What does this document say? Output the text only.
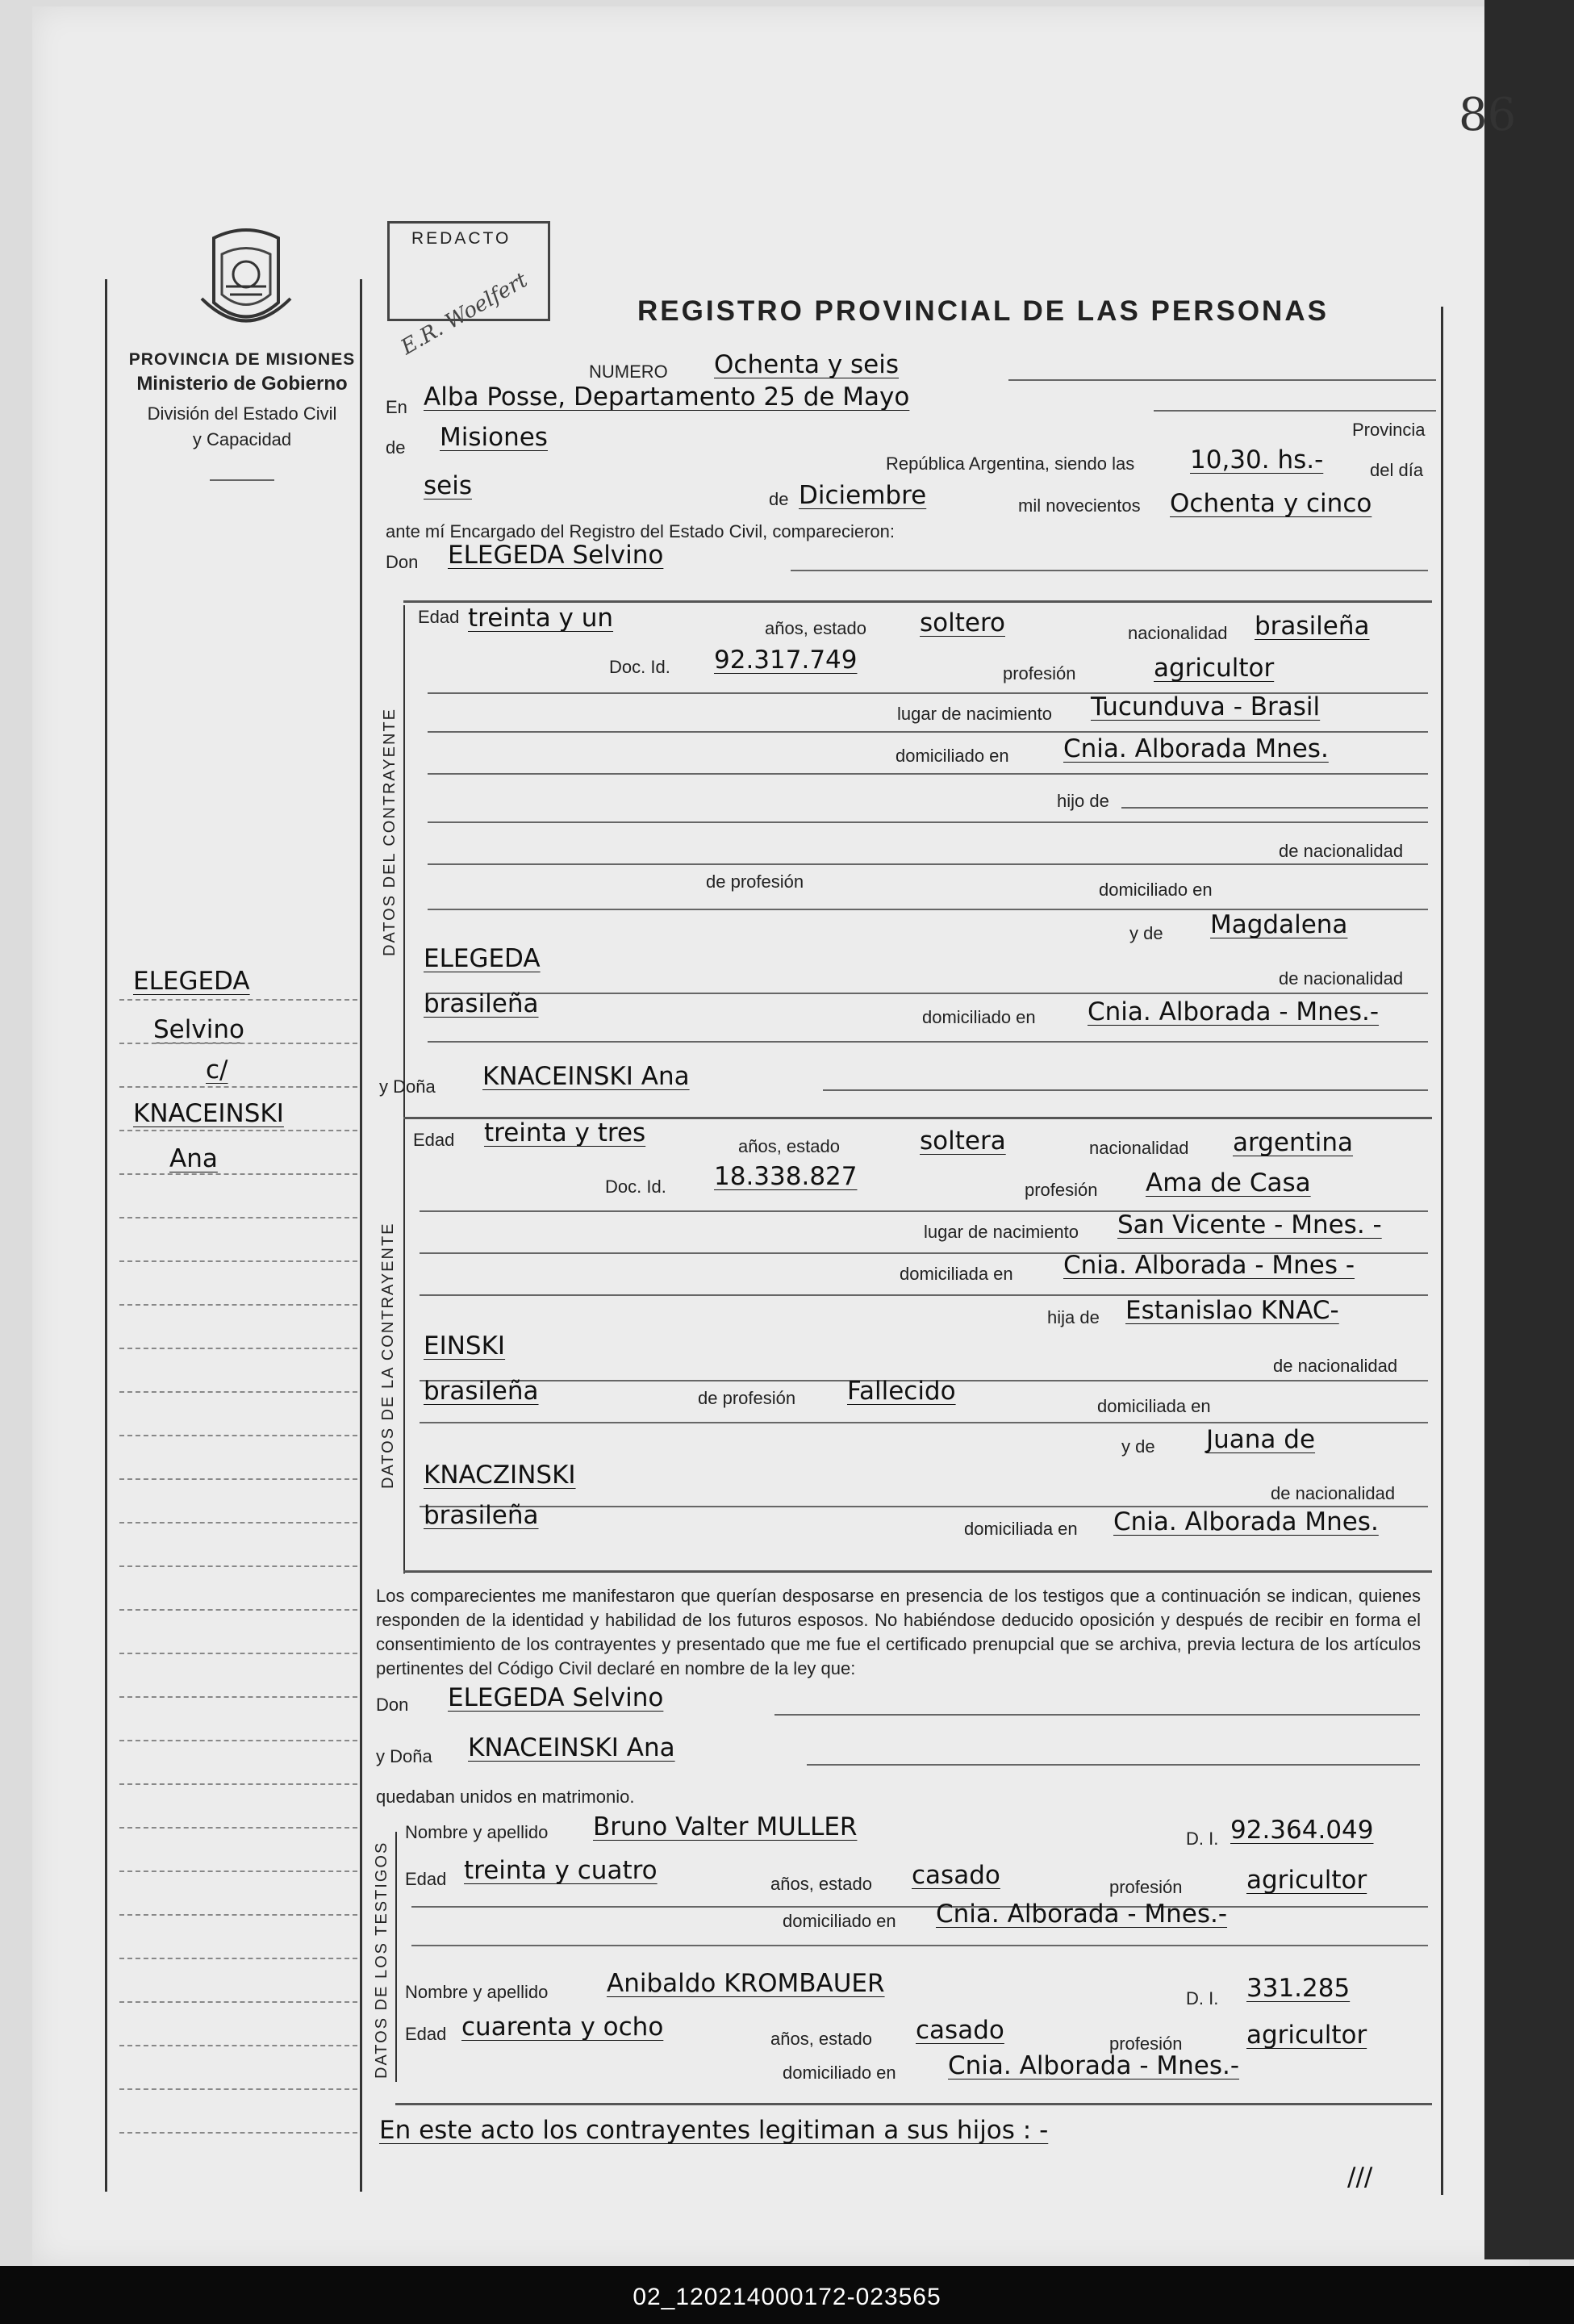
86
PROVINCIA DE MISIONES
Ministerio de Gobierno
División del Estado Civil
y Capacidad
REDACTO
E.R. Woelfert	REGISTRO PROVINCIAL DE LAS PERSONAS
ELEGEDA
Selvino
c/
KNACEINSKI
Ana
NUMERO Ochenta y seis
En Alba Posse, Departamento 25 de Mayo
de Misiones	Provincia
República Argentina, siendo las 10,30. hs.-	del día
seis	de Diciembre	mil novecientos Ochenta y cinco
ante mí Encargado del Registro del Estado Civil, comparecieron:
Don ELEGEDA Selvino
DATOS DEL CONTRAYENTE
Edad treinta y un	años, estado soltero	nacionalidad brasileña
Doc. Id. 92.317.749	profesión	agricultor
lugar de nacimiento Tucunduva - Brasil
domiciliado en Cnia. Alborada Mnes.
hijo de
de nacionalidad
de profesión	domiciliado en
y de Magdalena
ELEGEDA
de nacionalidad
brasileña	domiciliado en Cnia. Alborada - Mnes.-
y Doña KNACEINSKI Ana
DATOS DE LA CONTRAYENTE
Edad treinta y tres	años, estado	soltera	nacionalidad argentina
Doc. Id. 18.338.827	profesión Ama de Casa
lugar de nacimiento San Vicente - Mnes. -
domiciliada en Cnia. Alborada - Mnes -
hija de Estanislao KNAC-
EINSKI
de nacionalidad
brasileña	de profesión Fallecido
domiciliada en
y de Juana de
KNACZINSKI
de nacionalidad
brasileña	domiciliada en Cnia. Alborada Mnes.
Los comparecientes me manifestaron que querían desposarse en presencia de los testigos que a continuación se indican, quienes responden de la identidad y habilidad de los futuros esposos. No habiéndose deducido oposición y después de recibir en forma el consentimiento de los contrayentes y presentado que me fue el certificado prenupcial que se archiva, previa lectura de los artículos pertinentes del Código Civil declaré en nombre de la ley que:
Don ELEGEDA Selvino
y Doña KNACEINSKI Ana
quedaban unidos en matrimonio.
DATOS DE LOS TESTIGOS
Nombre y apellido Bruno Valter MULLER	D. I. 92.364.049
Edad treinta y cuatro	años, estado casado	profesión	agricultor
domiciliado en Cnia. Alborada - Mnes.-
Nombre y apellido Anibaldo KROMBAUER
D. I. 331.285
Edad cuarenta y ocho	años, estado casado	profesión	agricultor
domiciliado en Cnia. Alborada - Mnes.-
En este acto los contrayentes legitiman a sus hijos : -
///
02_120214000172-023565
